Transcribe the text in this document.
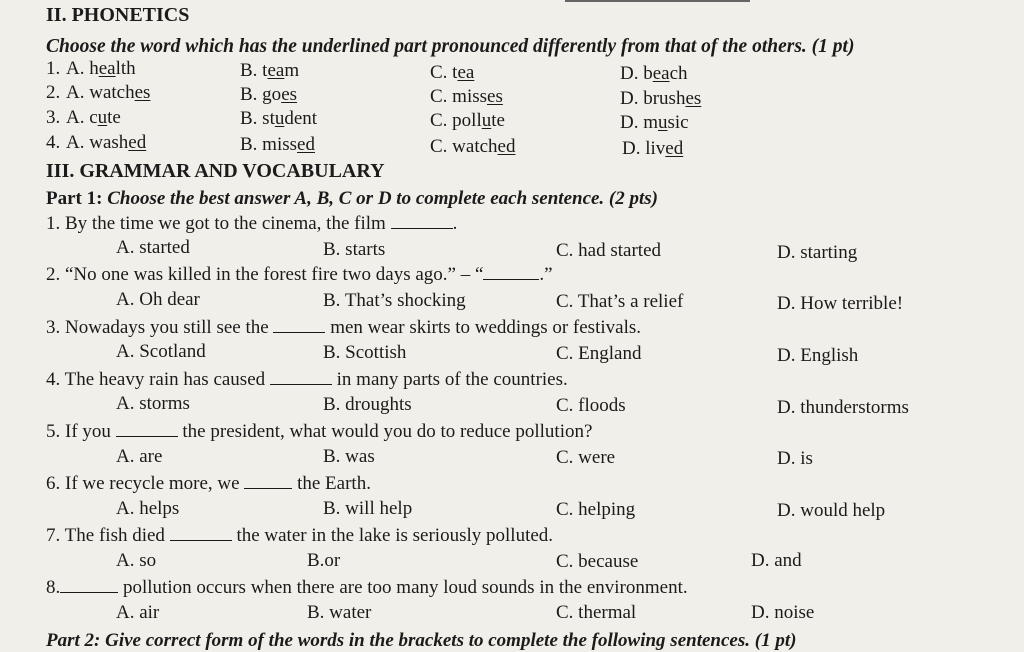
II. PHONETICS
Choose the word which has the underlined part pronounced differently from that of the others. (1 pt)
1. A. health	B. team	C. tea	D. beach
2. A. watches	B. goes	C. misses	D. brushes
3. A. cute	B. student	C. pollute	D. music
4. A. washed	B. missed	C. watched	D. lived
III. GRAMMAR AND VOCABULARY
Part 1: Choose the best answer A, B, C or D to complete each sentence. (2 pts)
1. By the time we got to the cinema, the film	.
A. started	B. starts	C. had started	D. starting
2. “No one was killed in the forest fire two days ago.” – “	.”
A. Oh dear	B. That’s shocking	C. That’s a relief	D. How terrible!
3. Nowadays you still see the	men wear skirts to weddings or festivals.
A. Scotland	B. Scottish	C. England	D. English
4. The heavy rain has caused	in many parts of the countries.
A. storms	B. droughts	C. floods	D. thunderstorms
5. If you	the president, what would you do to reduce pollution?
A. are	B. was	C. were	D. is
6. If we recycle more, we	the Earth.
A. helps	B. will help	C. helping	D. would help
7. The fish died	the water in the lake is seriously polluted.
A. so	B.or	C. because	D. and
8.	pollution occurs when there are too many loud sounds in the environment.
A. air	B. water	C. thermal	D. noise
Part 2: Give correct form of the words in the brackets to complete the following sentences. (1 pt)
